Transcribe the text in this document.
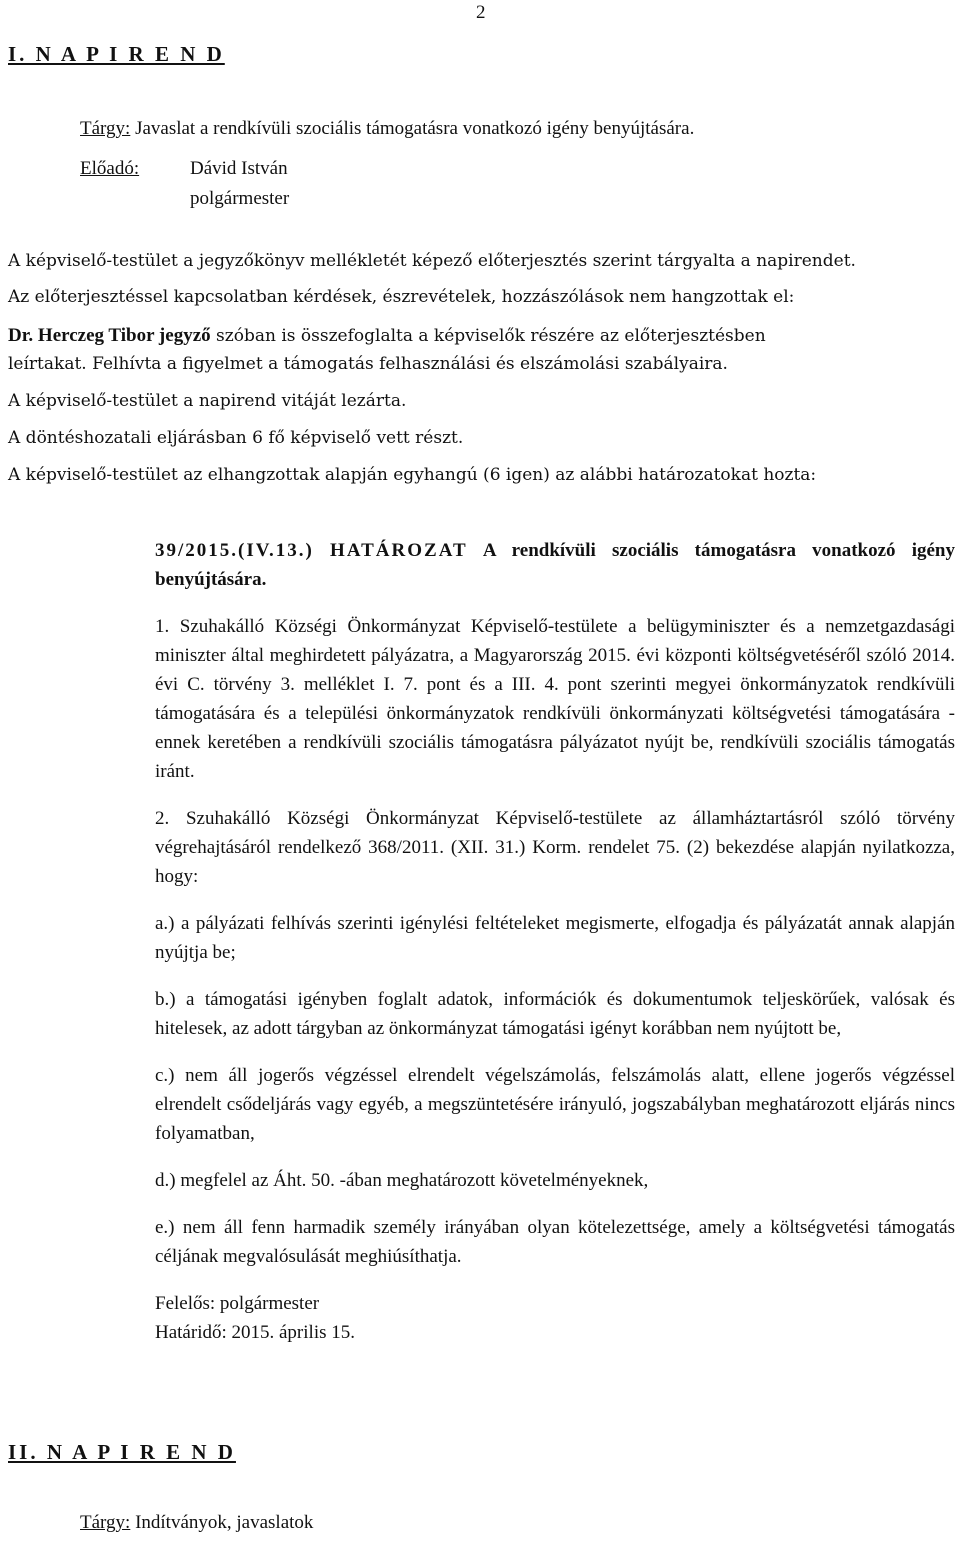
2
I. N A P I R E N D
Tárgy: Javaslat a rendkívüli szociális támogatásra vonatkozó igény benyújtására.
Előadó:	Dávid István
polgármester
A képviselő-testület a jegyzőkönyv mellékletét képező előterjesztés szerint tárgyalta a napirendet.
Az előterjesztéssel kapcsolatban kérdések, észrevételek, hozzászólások nem hangzottak el:
Dr. Herczeg Tibor jegyző szóban is összefoglalta a képviselők részére az előterjesztésben
leírtakat. Felhívta a figyelmet a támogatás felhasználási és elszámolási szabályaira.
A képviselő-testület a napirend vitáját lezárta.
A döntéshozatali eljárásban 6 fő képviselő vett részt.
A képviselő-testület az elhangzottak alapján egyhangú (6 igen) az alábbi határozatokat hozta:
39/2015.(IV.13.) HATÁROZAT A rendkívüli szociális támogatásra vonatkozó igény benyújtására.

1. Szuhakálló Községi Önkormányzat Képviselő-testülete a belügyminiszter és a nemzetgazdasági miniszter által meghirdetett pályázatra, a Magyarország 2015. évi központi költségvetéséről szóló 2014. évi C. törvény 3. melléklet I. 7. pont és a III. 4. pont szerinti megyei önkormányzatok rendkívüli támogatására és a települési önkormányzatok rendkívüli önkormányzati költségvetési támogatására - ennek keretében a rendkívüli szociális támogatásra pályázatot nyújt be, rendkívüli szociális támogatás iránt.

2. Szuhakálló Községi Önkormányzat Képviselő-testülete az államháztartásról szóló törvény végrehajtásáról rendelkező 368/2011. (XII. 31.) Korm. rendelet 75. (2) bekezdése alapján nyilatkozza, hogy:

a.) a pályázati felhívás szerinti igénylési feltételeket megismerte, elfogadja és pályázatát annak alapján nyújtja be;

b.) a támogatási igényben foglalt adatok, információk és dokumentumok teljeskörűek, valósak és hitelesek, az adott tárgyban az önkormányzat támogatási igényt korábban nem nyújtott be,

c.) nem áll jogerős végzéssel elrendelt végelszámolás, felszámolás alatt, ellene jogerős végzéssel elrendelt csődeljárás vagy egyéb, a megszüntetésére irányuló, jogszabályban meghatározott eljárás nincs folyamatban,

d.) megfelel az Áht. 50. -ában meghatározott követelményeknek,

e.) nem áll fenn harmadik személy irányában olyan kötelezettsége, amely a költségvetési támogatás céljának megvalósulását meghiúsíthatja.

Felelős: polgármester
Határidő: 2015. április 15.
II. N A P I R E N D
Tárgy: Indítványok, javaslatok
